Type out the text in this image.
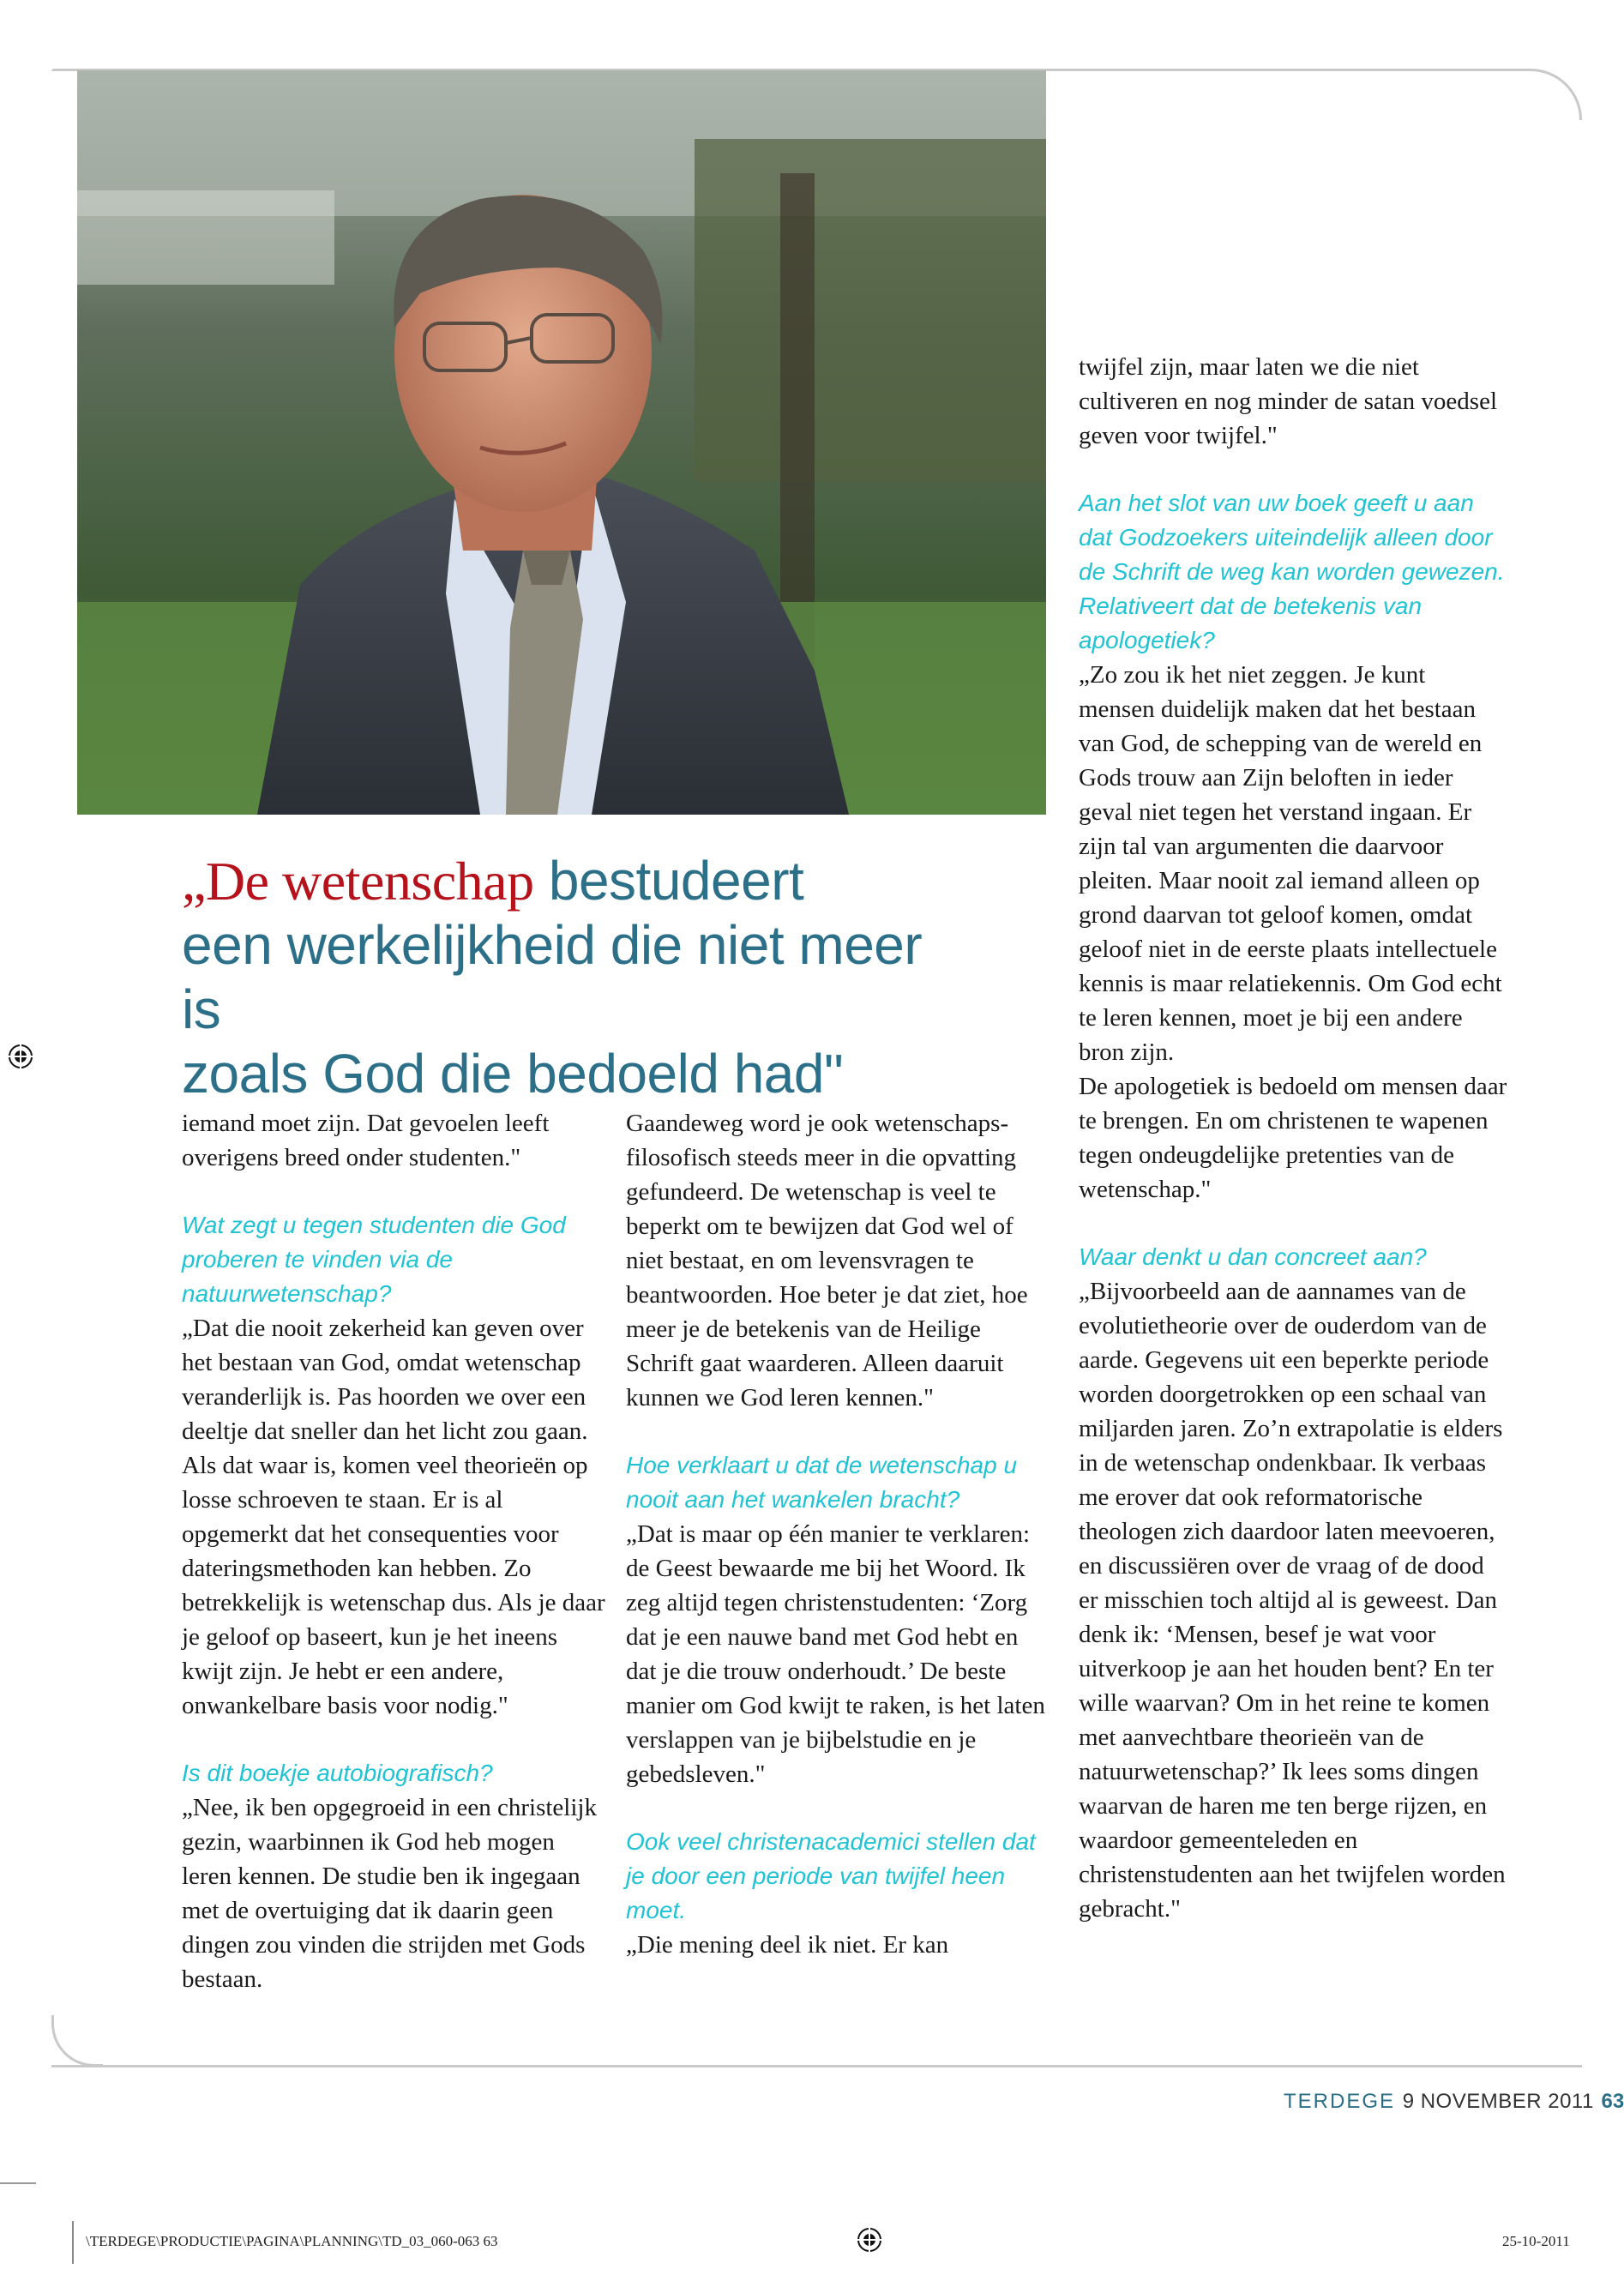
„De wetenschap bestudeert
een werkelijkheid die niet meer is
zoals God die bedoeld had"

iemand moet zijn. Dat gevoelen leeft overigens breed onder studenten."

Wat zegt u tegen studenten die God proberen te vinden via de natuurwetenschap?

„Dat die nooit zekerheid kan geven over het bestaan van God, omdat wetenschap veranderlijk is. Pas hoorden we over een deeltje dat sneller dan het licht zou gaan. Als dat waar is, komen veel theorieën op losse schroeven te staan. Er is al opgemerkt dat het consequenties voor dateringsmethoden kan hebben. Zo betrekkelijk is wetenschap dus. Als je daar je geloof op baseert, kun je het ineens kwijt zijn. Je hebt er een andere, onwankelbare basis voor nodig."

Is dit boekje autobiografisch?

„Nee, ik ben opgegroeid in een christelijk gezin, waarbinnen ik God heb mogen leren kennen. De studie ben ik ingegaan met de overtuiging dat ik daarin geen dingen zou vinden die strijden met Gods bestaan.

Gaandeweg word je ook wetenschaps-filosofisch steeds meer in die opvatting gefundeerd. De wetenschap is veel te beperkt om te bewijzen dat God wel of niet bestaat, en om levensvragen te beantwoorden. Hoe beter je dat ziet, hoe meer je de betekenis van de Heilige Schrift gaat waarderen. Alleen daaruit kunnen we God leren kennen."

Hoe verklaart u dat de wetenschap u nooit aan het wankelen bracht?

„Dat is maar op één manier te verklaren: de Geest bewaarde me bij het Woord. Ik zeg altijd tegen christenstudenten: ‘Zorg dat je een nauwe band met God hebt en dat je die trouw onderhoudt.’ De beste manier om God kwijt te raken, is het laten verslappen van je bijbelstudie en je gebedsleven."

Ook veel christenacademici stellen dat je door een periode van twijfel heen moet.

„Die mening deel ik niet. Er kan

twijfel zijn, maar laten we die niet cultiveren en nog minder de satan voedsel geven voor twijfel."

Aan het slot van uw boek geeft u aan dat Godzoekers uiteindelijk alleen door de Schrift de weg kan worden gewezen. Relativeert dat de betekenis van apologetiek?

„Zo zou ik het niet zeggen. Je kunt mensen duidelijk maken dat het bestaan van God, de schepping van de wereld en Gods trouw aan Zijn beloften in ieder geval niet tegen het verstand ingaan. Er zijn tal van argumenten die daarvoor pleiten. Maar nooit zal iemand alleen op grond daarvan tot geloof komen, omdat geloof niet in de eerste plaats intellectuele kennis is maar relatiekennis. Om God echt te leren kennen, moet je bij een andere bron zijn.

De apologetiek is bedoeld om mensen daar te brengen. En om christenen te wapenen tegen ondeugdelijke pretenties van de wetenschap."

Waar denkt u dan concreet aan?

„Bijvoorbeeld aan de aannames van de evolutietheorie over de ouderdom van de aarde. Gegevens uit een beperkte periode worden doorgetrokken op een schaal van miljarden jaren. Zo’n extrapolatie is elders in de wetenschap ondenkbaar. Ik verbaas me erover dat ook reformatorische theologen zich daardoor laten meevoeren, en discussiëren over de vraag of de dood er misschien toch altijd al is geweest. Dan denk ik: ‘Mensen, besef je wat voor uitverkoop je aan het houden bent? En ter wille waarvan? Om in het reine te komen met aanvechtbare theorieën van de natuurwetenschap?’ Ik lees soms dingen waarvan de haren me ten berge rijzen, en waardoor gemeenteleden en christenstudenten aan het twijfelen worden gebracht."

TERDEGE 9 NOVEMBER 2011 63
\TERDEGE\PRODUCTIE\PAGINA\PLANNING\TD_03_060-063 63	25-10-2011
